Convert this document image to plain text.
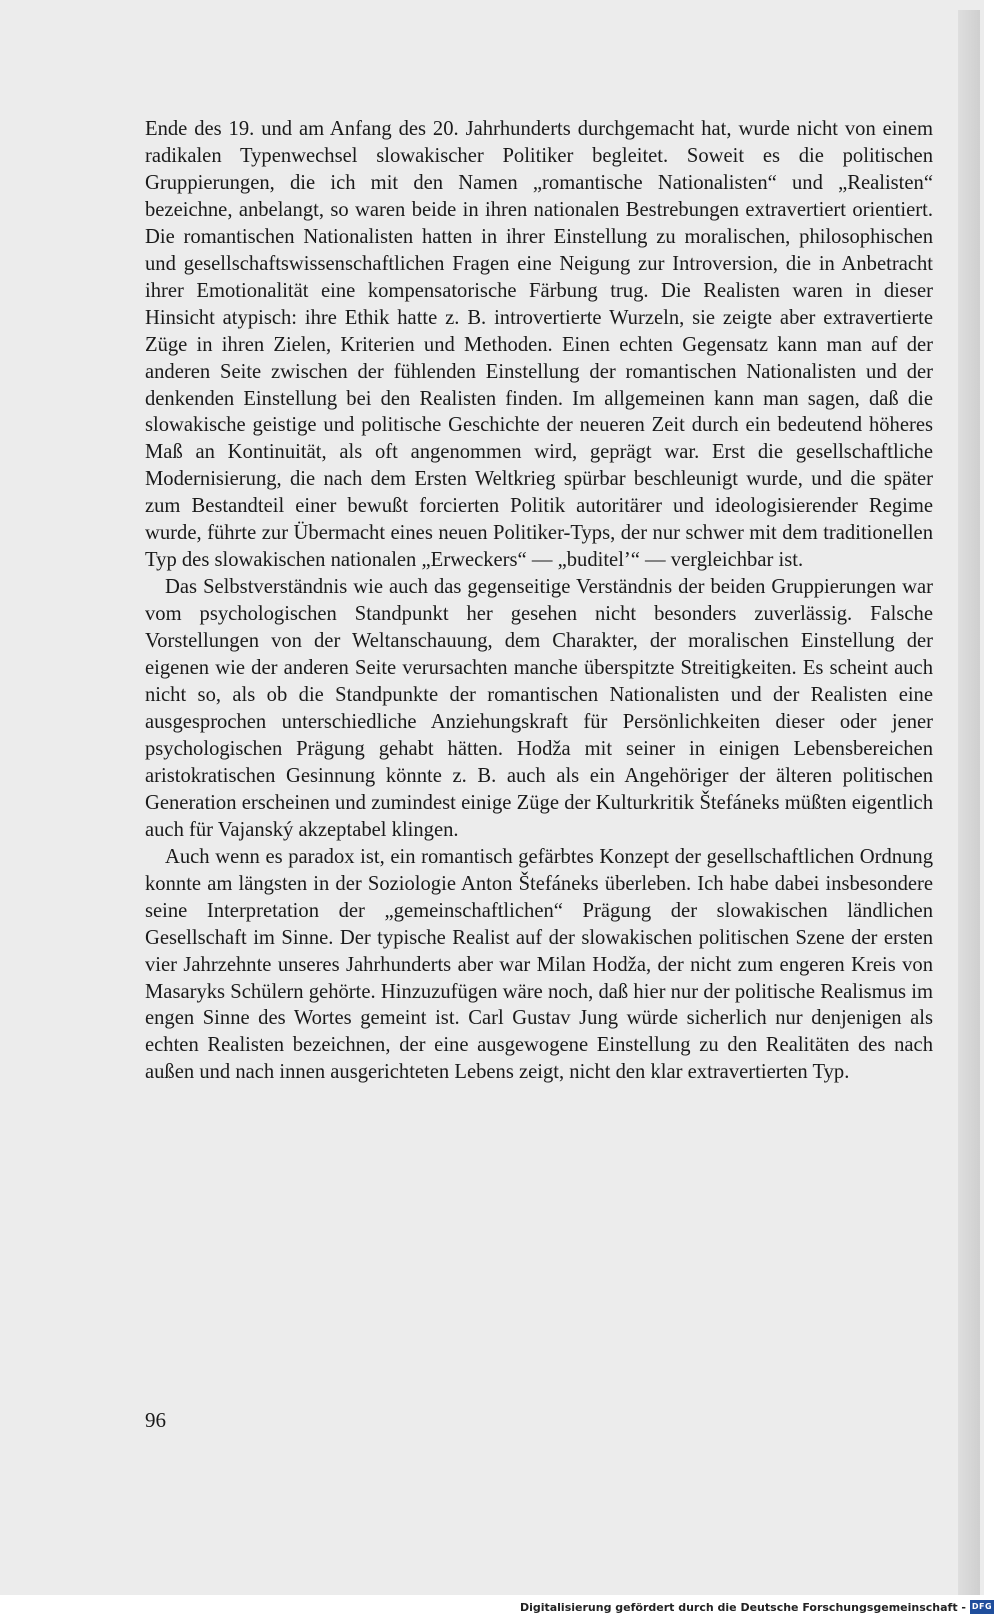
Ende des 19. und am Anfang des 20. Jahrhunderts durchgemacht hat, wurde nicht von einem radikalen Typenwechsel slowakischer Politiker begleitet. Soweit es die politischen Gruppierungen, die ich mit den Namen „romantische Nationalisten“ und „Realisten“ bezeichne, anbelangt, so waren beide in ihren nationalen Bestrebungen extravertiert orientiert. Die romantischen Nationalisten hatten in ihrer Einstellung zu moralischen, philosophischen und gesellschaftswissenschaftlichen Fragen eine Neigung zur Introversion, die in Anbetracht ihrer Emotionalität eine kompensatorische Färbung trug. Die Realisten waren in dieser Hinsicht atypisch: ihre Ethik hatte z. B. introvertierte Wurzeln, sie zeigte aber extravertierte Züge in ihren Zielen, Kriterien und Methoden. Einen echten Gegensatz kann man auf der anderen Seite zwischen der fühlenden Einstellung der romantischen Nationalisten und der denkenden Einstellung bei den Realisten finden. Im allgemeinen kann man sagen, daß die slowakische geistige und politische Geschichte der neueren Zeit durch ein bedeutend höheres Maß an Kontinuität, als oft angenommen wird, geprägt war. Erst die gesellschaftliche Modernisierung, die nach dem Ersten Weltkrieg spürbar beschleunigt wurde, und die später zum Bestandteil einer bewußt forcierten Politik autoritärer und ideologisierender Regime wurde, führte zur Übermacht eines neuen Politiker-Typs, der nur schwer mit dem traditionellen Typ des slowakischen nationalen „Erweckers“ — „buditel’“ — vergleichbar ist.

Das Selbstverständnis wie auch das gegenseitige Verständnis der beiden Gruppierungen war vom psychologischen Standpunkt her gesehen nicht besonders zuverlässig. Falsche Vorstellungen von der Weltanschauung, dem Charakter, der moralischen Einstellung der eigenen wie der anderen Seite verursachten manche überspitzte Streitigkeiten. Es scheint auch nicht so, als ob die Standpunkte der romantischen Nationalisten und der Realisten eine ausgesprochen unterschiedliche Anziehungskraft für Persönlichkeiten dieser oder jener psychologischen Prägung gehabt hätten. Hodža mit seiner in einigen Lebensbereichen aristokratischen Gesinnung könnte z. B. auch als ein Angehöriger der älteren politischen Generation erscheinen und zumindest einige Züge der Kulturkritik Štefáneks müßten eigentlich auch für Vajanský akzeptabel klingen.

Auch wenn es paradox ist, ein romantisch gefärbtes Konzept der gesellschaftlichen Ordnung konnte am längsten in der Soziologie Anton Štefáneks überleben. Ich habe dabei insbesondere seine Interpretation der „gemeinschaftlichen“ Prägung der slowakischen ländlichen Gesellschaft im Sinne. Der typische Realist auf der slowakischen politischen Szene der ersten vier Jahrzehnte unseres Jahrhunderts aber war Milan Hodža, der nicht zum engeren Kreis von Masaryks Schülern gehörte. Hinzuzufügen wäre noch, daß hier nur der politische Realismus im engen Sinne des Wortes gemeint ist. Carl Gustav Jung würde sicherlich nur denjenigen als echten Realisten bezeichnen, der eine ausgewogene Einstellung zu den Realitäten des nach außen und nach innen ausgerichteten Lebens zeigt, nicht den klar extravertierten Typ.

96
Digitalisierung gefördert durch die Deutsche Forschungsgemeinschaft - DFG
